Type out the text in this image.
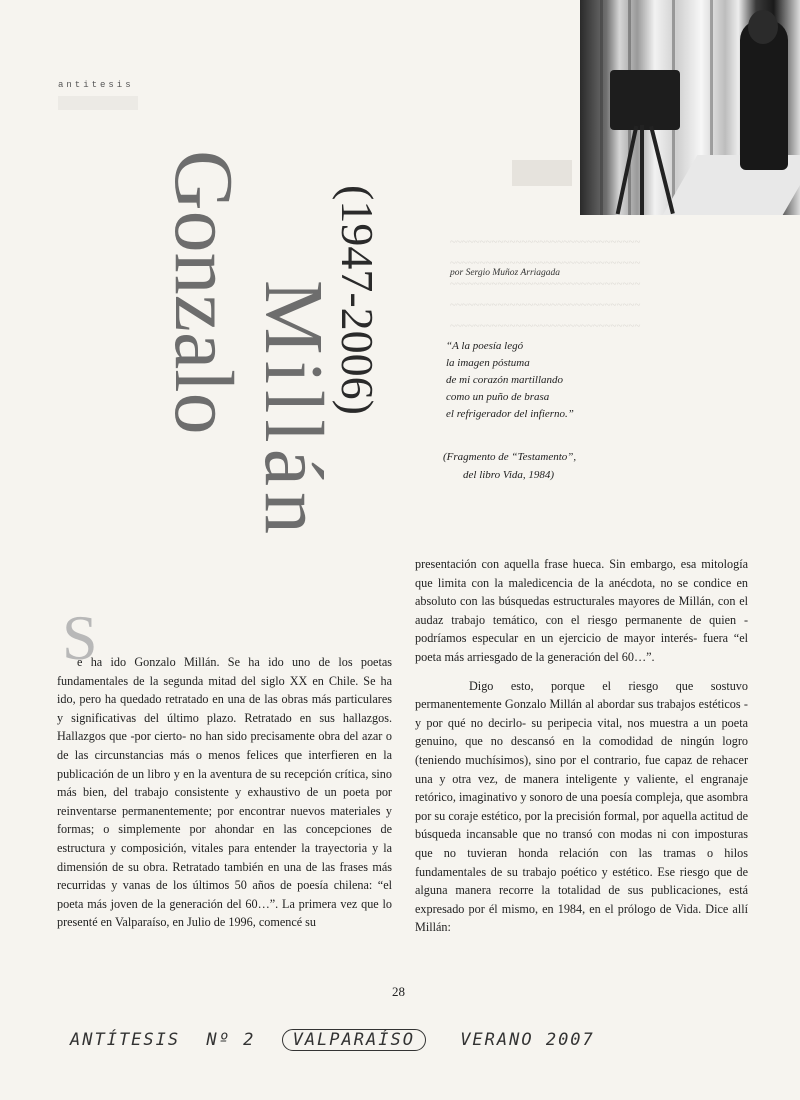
~~~~~~~~~~~~~~~~~~~~~~~~~~~~~~~~
~~~~~~~~~~~~~~~~~~~~~~~~~~~~~~~~
~~~~~~~~~~~~~~~~~~~~~~~~~~~~~~~~
~~~~~~~~~~~~~~~~~~~~~~~~~~~~~~~~
~~~~~~~~~~~~~~~~~~~~~~~~~~~~~~~~
antitesis
Gonzalo
Millán
(1947-2006)	por Sergio Muñoz Arriagada
“A la poesía legó
la imagen póstuma
de mi corazón martillando
como un puño de brasa
el refrigerador del infierno.”
(Fragmento de “Testamento”,
del libro Vida, 1984)
S

e ha ido Gonzalo Millán. Se ha ido uno de los poetas fundamentales de la segunda mitad del siglo XX en Chile. Se ha ido, pero ha quedado retratado en una de las obras más particulares y significativas del último plazo. Retratado en sus hallazgos. Hallazgos que -por cierto- no han sido precisamente obra del azar o de las circunstancias más o menos felices que interfieren en la publicación de un libro y en la aventura de su recepción crítica, sino más bien, del trabajo consistente y exhaustivo de un poeta por reinventarse permanentemente; por encontrar nuevos materiales y formas; o simplemente por ahondar en las concepciones de estructura y composición, vitales para entender la trayectoria y la dimensión de su obra. Retratado también en una de las frases más recurridas y vanas de los últimos 50 años de poesía chilena: “el poeta más joven de la generación del 60…”. La primera vez que lo presenté en Valparaíso, en Julio de 1996, comencé su

presentación con aquella frase hueca. Sin embargo, esa mitología que limita con la maledicencia de la anécdota, no se condice en absoluto con las búsquedas estructurales mayores de Millán, con el audaz trabajo temático, con el riesgo permanente de quien -podríamos especular en un ejercicio de mayor interés- fuera “el poeta más arriesgado de la generación del 60…”.

Digo esto, porque el riesgo que sostuvo permanentemente Gonzalo Millán al abordar sus trabajos estéticos -y por qué no decirlo- su peripecia vital, nos muestra a un poeta genuino, que no descansó en la comodidad de ningún logro (teniendo muchísimos), sino por el contrario, fue capaz de rehacer una y otra vez, de manera inteligente y valiente, el engranaje retórico, imaginativo y sonoro de una poesía compleja, que asombra por su coraje estético, por la precisión formal, por aquella actitud de búsqueda incansable que no transó con modas ni con imposturas que no tuvieran honda relación con las tramas o hilos fundamentales de su trabajo poético y estético. Ese riesgo que de alguna manera recorre la totalidad de sus publicaciones, está expresado por él mismo, en 1984, en el prólogo de Vida. Dice allí Millán:

28
ANTÍTESIS Nº 2 VALPARAÍSO	VERANO 2007
